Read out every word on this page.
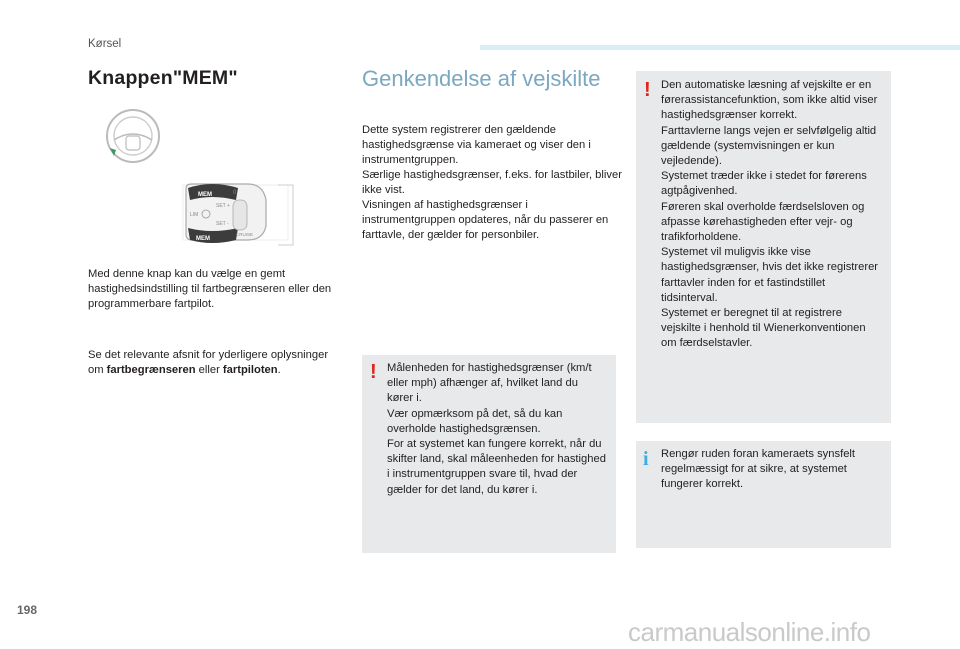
Kørsel
Knappen"MEM"
MEM
MEM
SET +
SET -
LIM
0
CRUISE
Med denne knap kan du vælge en gemt hastighedsindstilling til fartbegrænseren eller den programmerbare fartpilot.
Se det relevante afsnit for yderligere oplysninger om fartbegrænseren eller fartpiloten.
Genkendelse af vejskilte
Dette system registrerer den gældende hastighedsgrænse via kameraet og viser den i instrumentgruppen.
Særlige hastighedsgrænser, f.eks. for lastbiler, bliver ikke vist.
Visningen af hastighedsgrænser i instrumentgruppen opdateres, når du passerer en farttavle, der gælder for personbiler.
! Målenheden for hastighedsgrænser (km/t eller mph) afhænger af, hvilket land du kører i.
Vær opmærksom på det, så du kan overholde hastighedsgrænsen.
For at systemet kan fungere korrekt, når du skifter land, skal måleenheden for hastighed i instrumentgruppen svare til, hvad der gælder for det land, du kører i.
! Den automatiske læsning af vejskilte er en førerassistancefunktion, som ikke altid viser hastighedsgrænser korrekt.
Farttavlerne langs vejen er selvfølgelig altid gældende (systemvisningen er kun vejledende).
Systemet træder ikke i stedet for førerens agtpågivenhed.
Føreren skal overholde færdselsloven og afpasse kørehastigheden efter vejr- og trafikforholdene.
Systemet vil muligvis ikke vise hastighedsgrænser, hvis det ikke registrerer farttavler inden for et fastindstillet tidsinterval.
Systemet er beregnet til at registrere vejskilte i henhold til Wienerkonventionen om færdselstavler.
i Rengør ruden foran kameraets synsfelt regelmæssigt for at sikre, at systemet fungerer korrekt.
198
carmanualsonline.info
